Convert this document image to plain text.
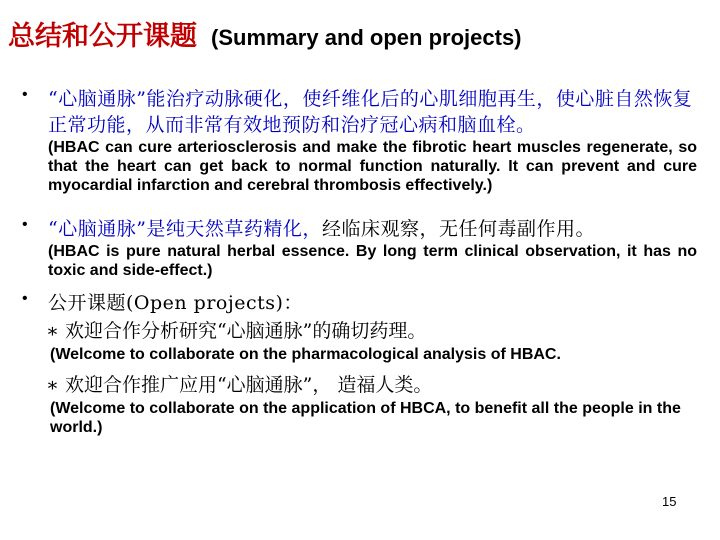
总结和公开课题 (Summary and open projects)
• “心脑通脉”能治疗动脉硬化，使纤维化后的心肌细胞再生，使心脏自然恢复正常功能，从而非常有效地预防和治疗冠心病和脑血栓。
(HBAC can cure arteriosclerosis and make the fibrotic heart muscles regenerate, so that the heart can get back to normal function naturally. It can prevent and cure myocardial infarction and cerebral thrombosis effectively.)
• “心脑通脉”是纯天然草药精化，经临床观察，无任何毒副作用。
(HBAC is pure natural herbal essence. By long term clinical observation, it has no toxic and side-effect.)
• 公开课题(Open projects)：
∗ 欢迎合作分析研究“心脑通脉”的确切药理。
(Welcome to collaborate on the pharmacological analysis of HBAC.
∗ 欢迎合作推广应用“心脑通脉”， 造福人类。
(Welcome to collaborate on the application of HBCA, to benefit all the people in the world.)
15
